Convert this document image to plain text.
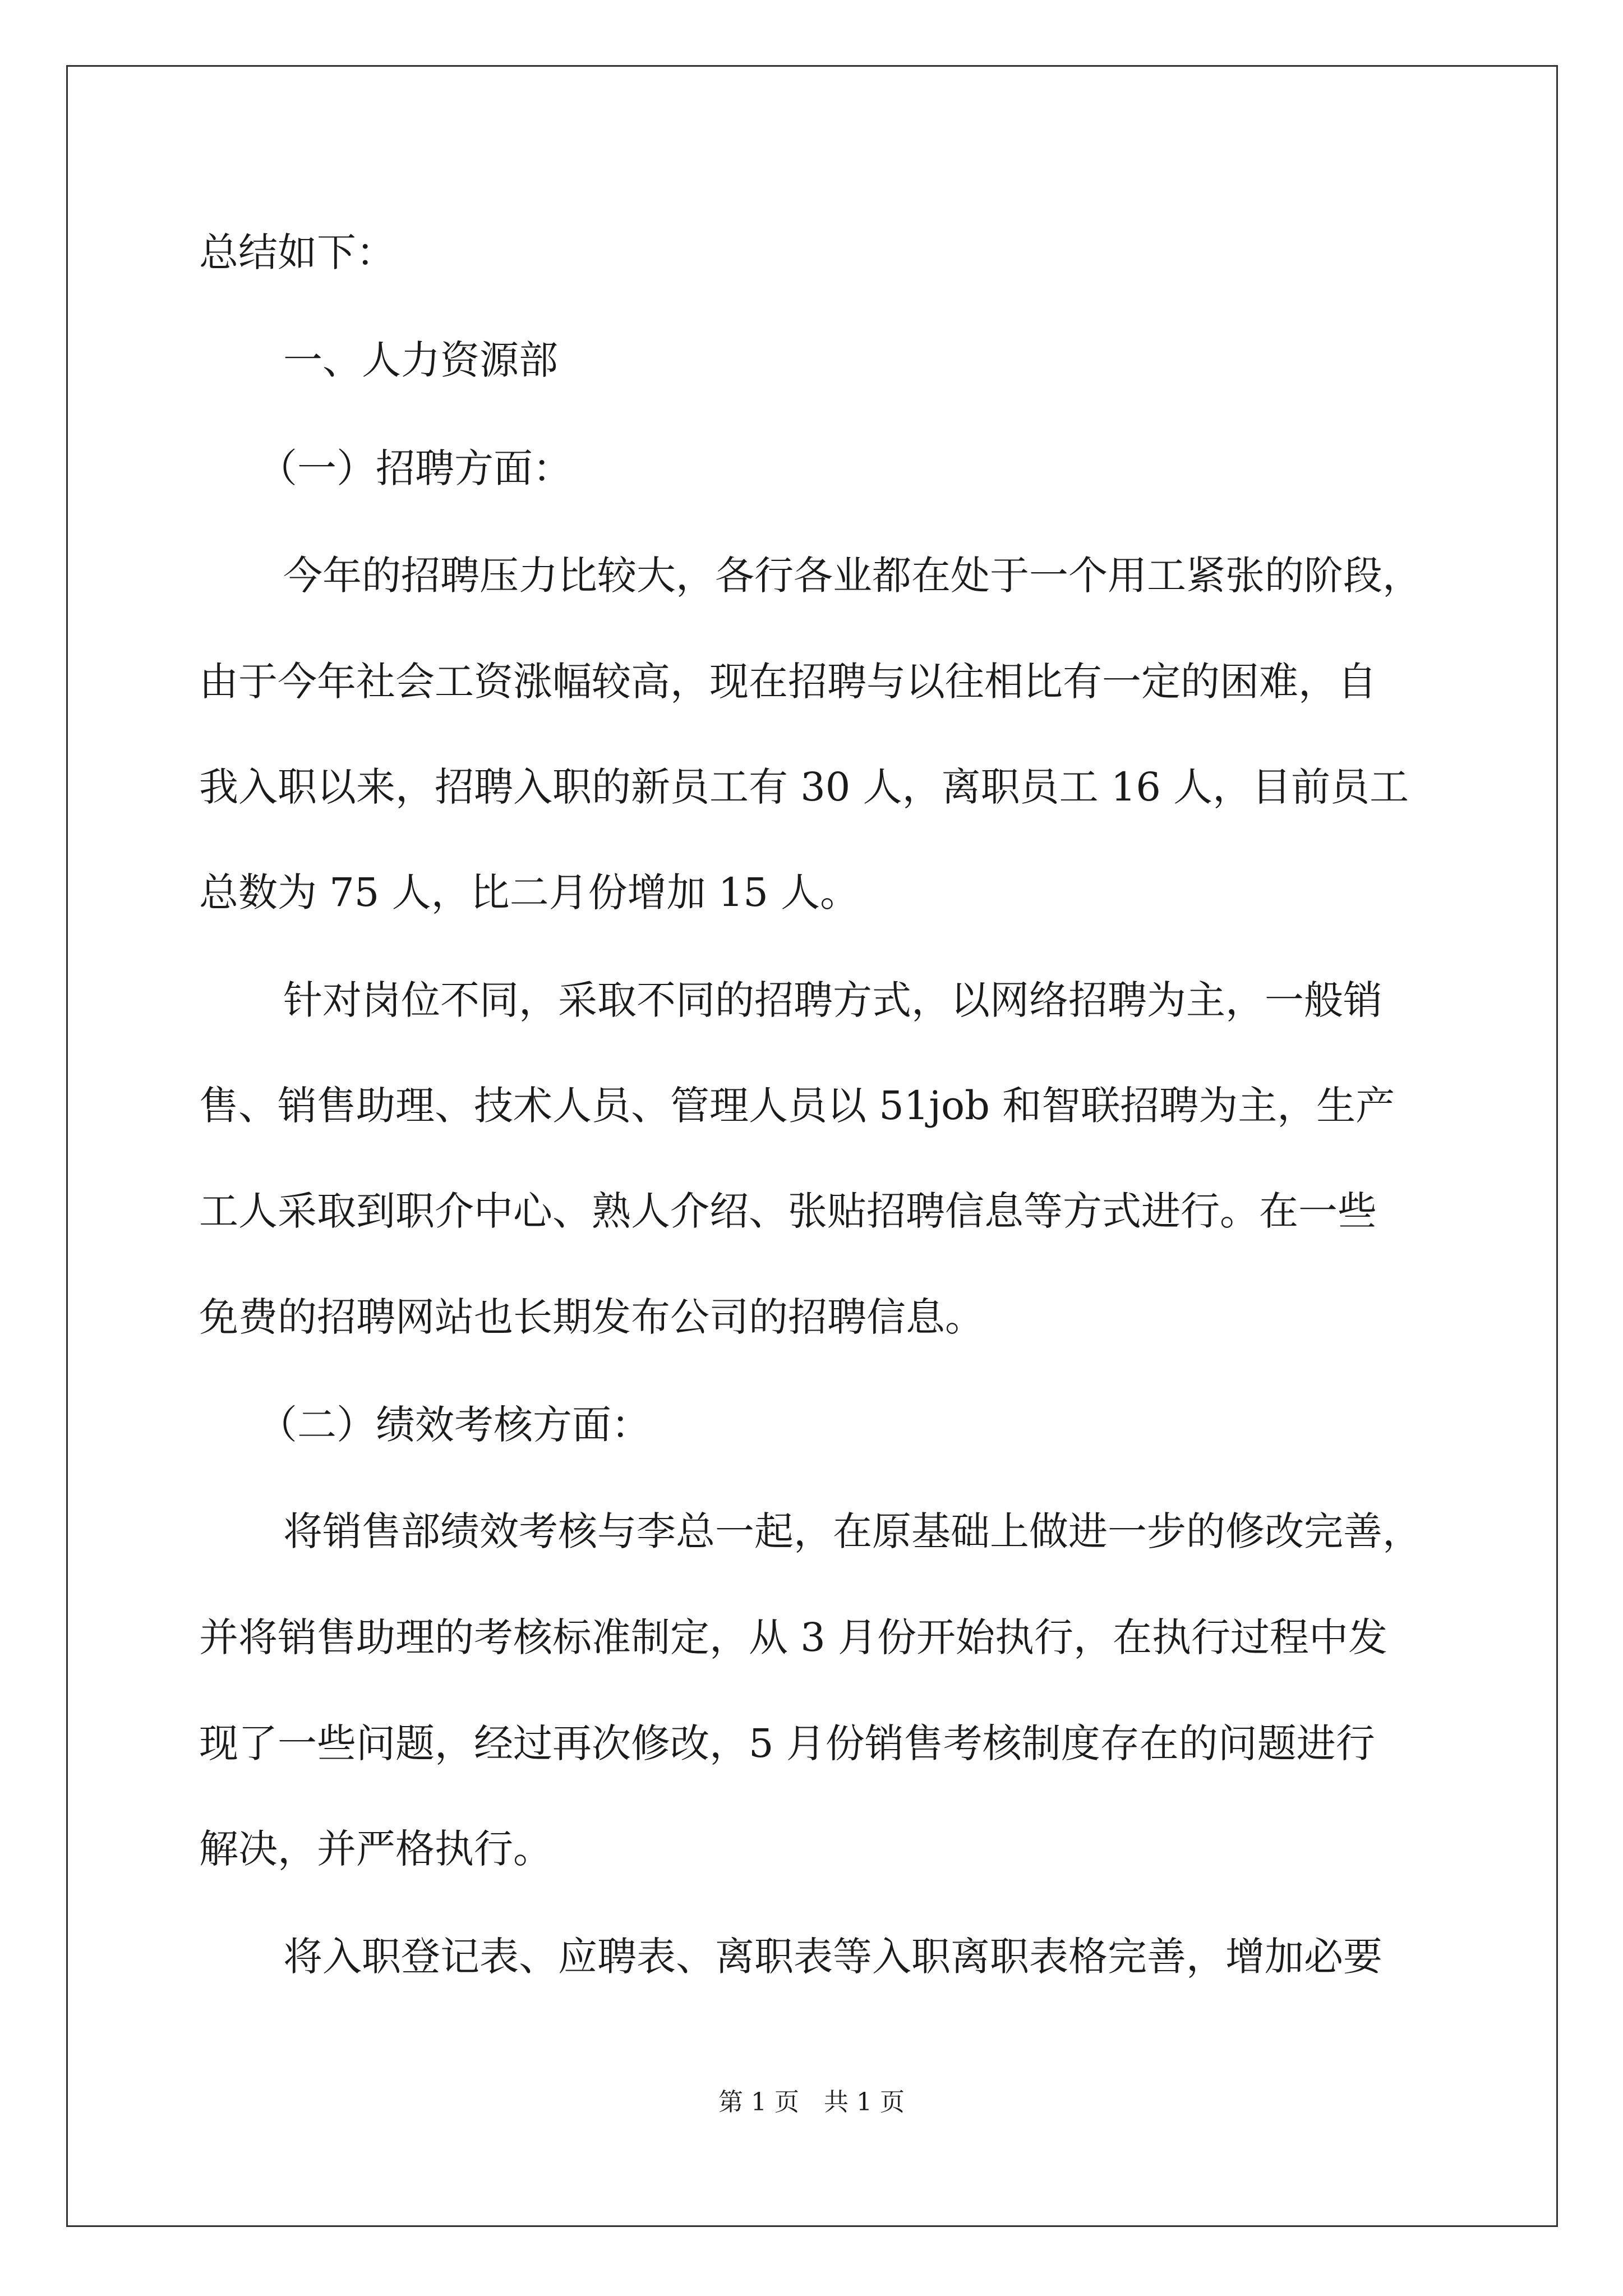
总结如下：
一、人力资源部
（一）招聘方面：
今年的招聘压力比较大，各行各业都在处于一个用工紧张的阶段，
由于今年社会工资涨幅较高，现在招聘与以往相比有一定的困难，自
我入职以来，招聘入职的新员工有 30 人，离职员工 16 人，目前员工
总数为 75 人，比二月份增加 15 人。
针对岗位不同，采取不同的招聘方式，以网络招聘为主，一般销
售、销售助理、技术人员、管理人员以 51job 和智联招聘为主，生产
工人采取到职介中心、熟人介绍、张贴招聘信息等方式进行。在一些
免费的招聘网站也长期发布公司的招聘信息。
（二）绩效考核方面：
将销售部绩效考核与李总一起，在原基础上做进一步的修改完善，
并将销售助理的考核标准制定，从 3 月份开始执行，在执行过程中发
现了一些问题，经过再次修改，5 月份销售考核制度存在的问题进行
解决，并严格执行。
将入职登记表、应聘表、离职表等入职离职表格完善，增加必要
第 1 页　共 1 页
